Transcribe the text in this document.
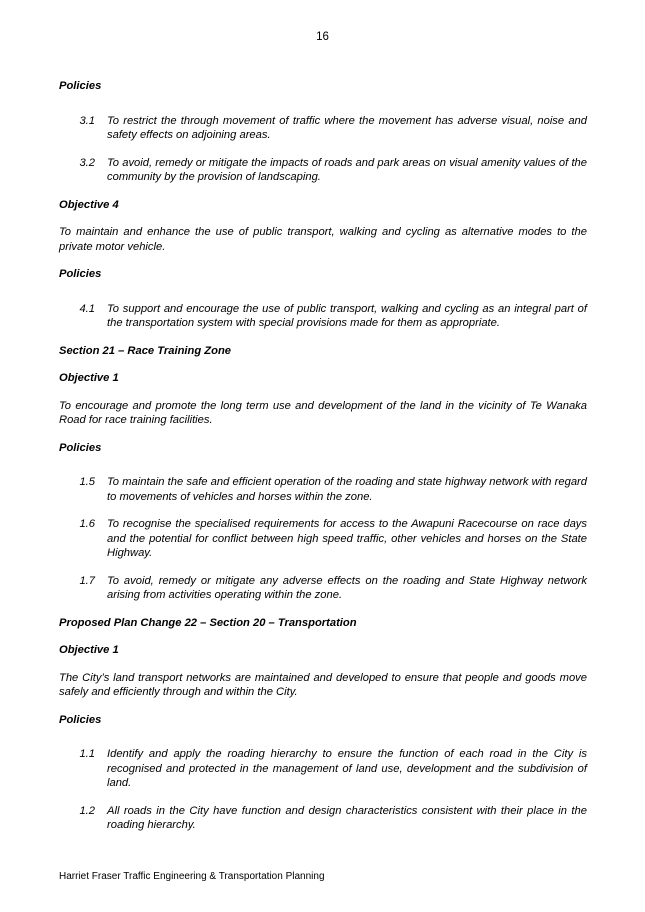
16
Policies
3.1	To restrict the through movement of traffic where the movement has adverse visual, noise and safety effects on adjoining areas.
3.2	To avoid, remedy or mitigate the impacts of roads and park areas on visual amenity values of the community by the provision of landscaping.
Objective 4
To maintain and enhance the use of public transport, walking and cycling as alternative modes to the private motor vehicle.
Policies
4.1	To support and encourage the use of public transport, walking and cycling as an integral part of the transportation system with special provisions made for them as appropriate.
Section 21 – Race Training Zone
Objective 1
To encourage and promote the long term use and development of the land in the vicinity of Te Wanaka Road for race training facilities.
Policies
1.5	To maintain the safe and efficient operation of the roading and state highway network with regard to movements of vehicles and horses within the zone.
1.6	To recognise the specialised requirements for access to the Awapuni Racecourse on race days and the potential for conflict between high speed traffic, other vehicles and horses on the State Highway.
1.7	To avoid, remedy or mitigate any adverse effects on the roading and State Highway network arising from activities operating within the zone.
Proposed Plan Change 22 – Section 20 – Transportation
Objective 1
The City’s land transport networks are maintained and developed to ensure that people and goods move safely and efficiently through and within the City.
Policies
1.1	Identify and apply the roading hierarchy to ensure the function of each road in the City is recognised and protected in the management of land use, development and the subdivision of land.
1.2	All roads in the City have function and design characteristics consistent with their place in the roading hierarchy.
Harriet Fraser Traffic Engineering & Transportation Planning
